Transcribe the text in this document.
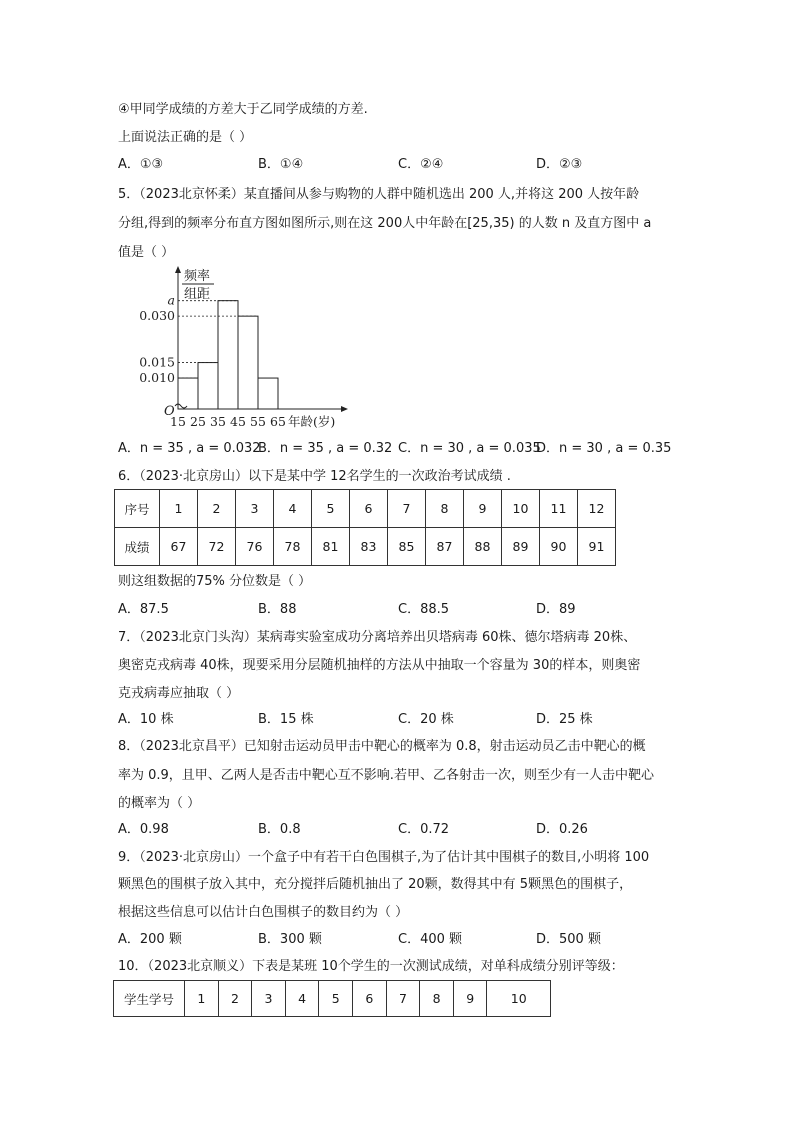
④甲同学成绩的方差大于乙同学成绩的方差.
上面说法正确的是（ ）
A．①③	B．①④	C．②④	D．②③
5．（2023北京怀柔）某直播间从参与购物的人群中随机选出 200 人,并将这 200 人按年龄
分组,得到的频率分布直方图如图所示,则在这 200人中年龄在[25,35) 的人数 n 及直方图中 a
值是（ ）
频率
组距
O
a
0.030
0.015
0.010
15 25 35 45 55 65 年龄(岁)
A．n = 35 , a = 0.032
B．n = 35 , a = 0.32 C．n = 30 , a = 0.035
D．n = 30 , a = 0.35
6．（2023·北京房山）以下是某中学 12名学生的一次政治考试成绩 .
序号	1	2	3	4	5	6	7	8	9	10	11	12
成绩	67	72	76	78	81	83	85	87	88	89	90	91
则这组数据的75% 分位数是（ ）
A．87.5	B．88	C．88.5	D．89
7．（2023北京门头沟）某病毒实验室成功分离培养出贝塔病毒 60株、德尔塔病毒 20株、
奥密克戎病毒 40株，现要采用分层随机抽样的方法从中抽取一个容量为 30的样本，则奥密
克戎病毒应抽取（ ）
A．10 株	B．15 株	C．20 株	D．25 株
8．（2023北京昌平）已知射击运动员甲击中靶心的概率为 0.8，射击运动员乙击中靶心的概
率为 0.9，且甲、乙两人是否击中靶心互不影响.若甲、乙各射击一次，则至少有一人击中靶心
的概率为（ ）
A．0.98	B．0.8	C．0.72	D．0.26
9．（2023·北京房山）一个盒子中有若干白色围棋子,为了估计其中围棋子的数目,小明将 100
颗黑色的围棋子放入其中，充分搅拌后随机抽出了 20颗，数得其中有 5颗黑色的围棋子，
根据这些信息可以估计白色围棋子的数目约为（ ）
A．200 颗	B．300 颗	C．400 颗	D．500 颗
10．（2023北京顺义）下表是某班 10个学生的一次测试成绩，对单科成绩分别评等级：
学生学号	1	2	3	4	5	6	7	8	9	10
